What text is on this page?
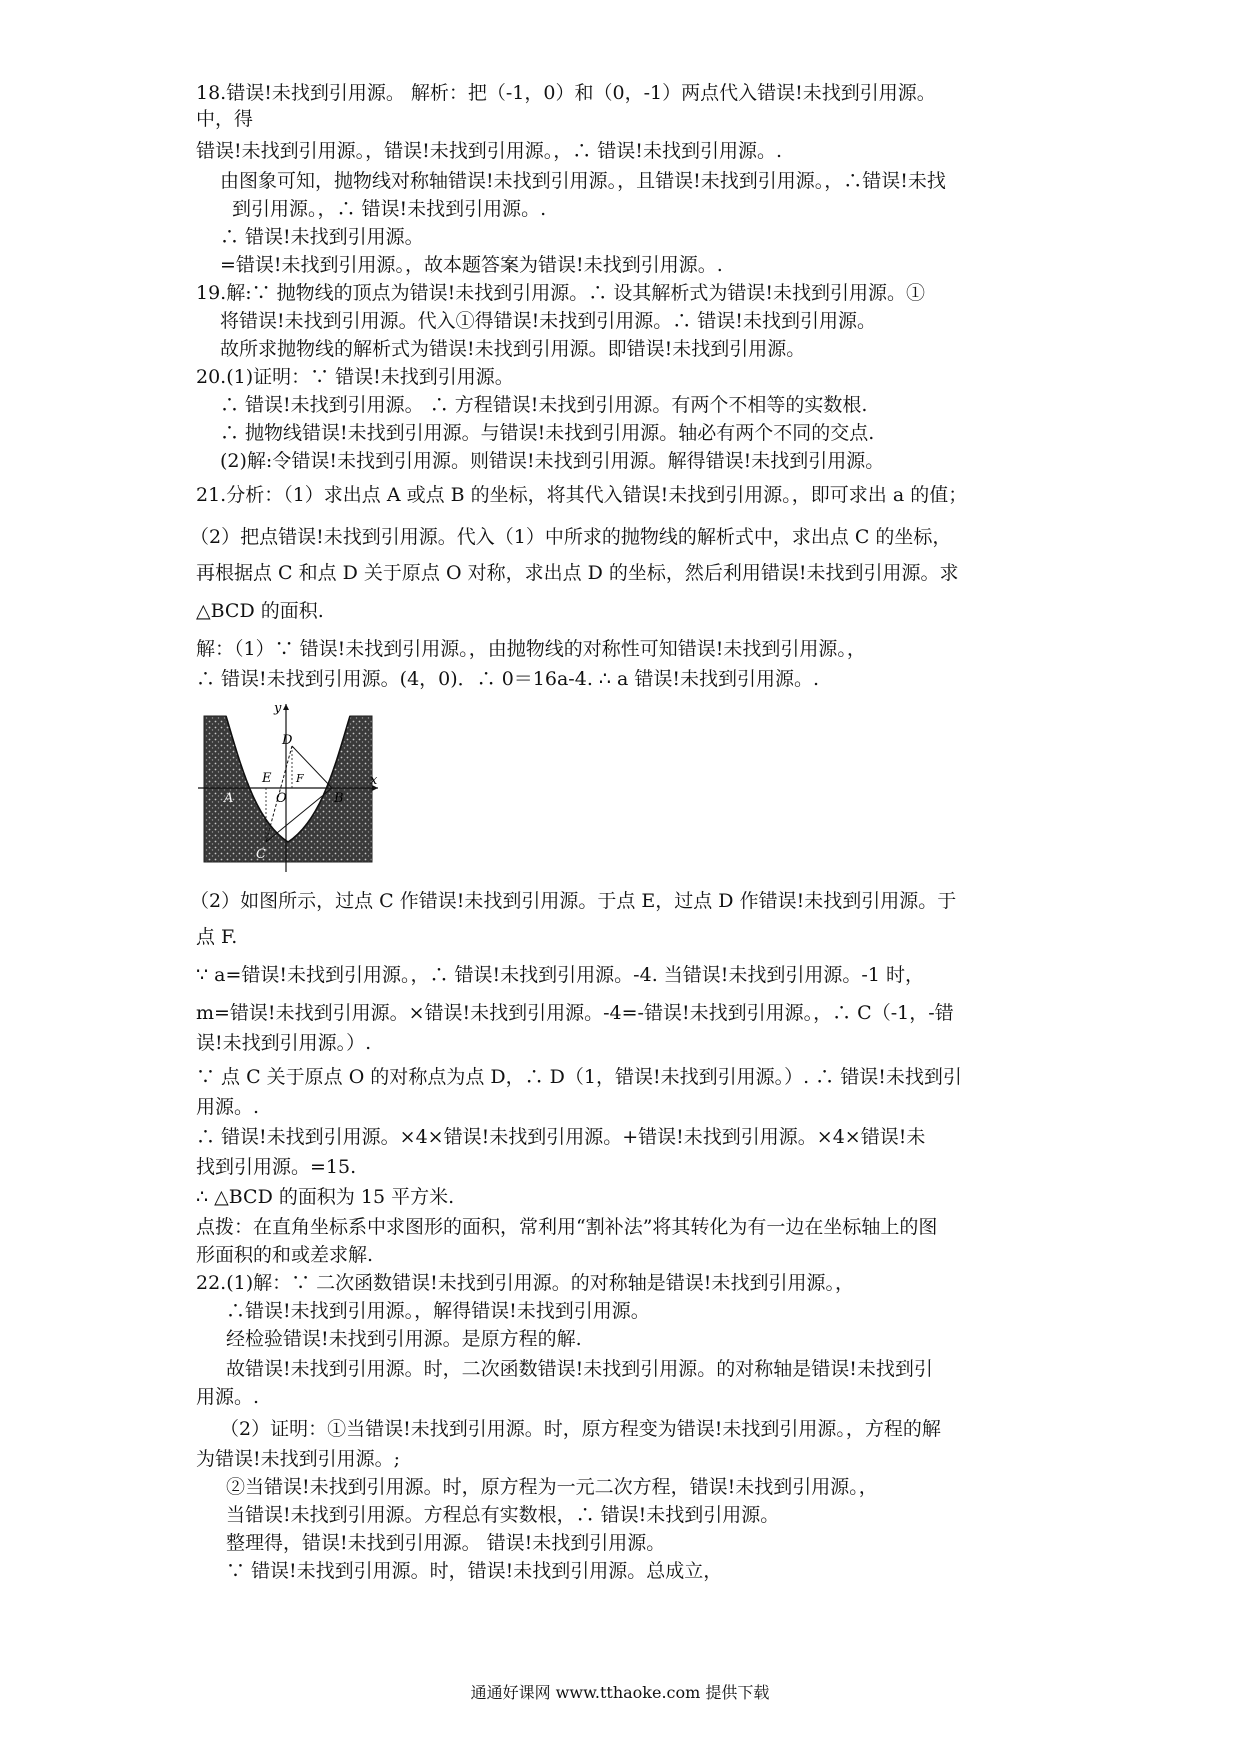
18.错误!未找到引用源。 解析：把（-1，0）和（0，-1）两点代入错误!未找到引用源。
中，得
错误!未找到引用源。，错误!未找到引用源。，∴ 错误!未找到引用源。.
由图象可知，抛物线对称轴错误!未找到引用源。，且错误!未找到引用源。，∴错误!未找
到引用源。，∴ 错误!未找到引用源。.
∴ 错误!未找到引用源。
=错误!未找到引用源。，故本题答案为错误!未找到引用源。.
19.解:∵ 抛物线的顶点为错误!未找到引用源。∴ 设其解析式为错误!未找到引用源。①
将错误!未找到引用源。代入①得错误!未找到引用源。∴ 错误!未找到引用源。
故所求抛物线的解析式为错误!未找到引用源。即错误!未找到引用源。
20.(1)证明：∵ 错误!未找到引用源。
∴ 错误!未找到引用源。 ∴ 方程错误!未找到引用源。有两个不相等的实数根.
∴ 抛物线错误!未找到引用源。与错误!未找到引用源。轴必有两个不同的交点.
(2)解:令错误!未找到引用源。则错误!未找到引用源。解得错误!未找到引用源。
21.分析：（1）求出点 A 或点 B 的坐标，将其代入错误!未找到引用源。，即可求出 a 的值；
（2）把点错误!未找到引用源。代入（1）中所求的抛物线的解析式中，求出点 C 的坐标，
再根据点 C 和点 D 关于原点 O 对称，求出点 D 的坐标，然后利用错误!未找到引用源。求
△BCD 的面积.
解：（1）∵ 错误!未找到引用源。，由抛物线的对称性可知错误!未找到引用源。，
∴ 错误!未找到引用源。(4，0)．∴ 0＝16a-4. ∴ a 错误!未找到引用源。.
y
x
D
E
O
F
A	B
C
（2）如图所示，过点 C 作错误!未找到引用源。于点 E，过点 D 作错误!未找到引用源。于
点 F.
∵ a=错误!未找到引用源。，∴ 错误!未找到引用源。-4. 当错误!未找到引用源。-1 时，
m=错误!未找到引用源。×错误!未找到引用源。-4=-错误!未找到引用源。，∴ C（-1，-错
误!未找到引用源。）.
∵ 点 C 关于原点 O 的对称点为点 D，∴ D（1，错误!未找到引用源。）. ∴ 错误!未找到引
用源。.
∴ 错误!未找到引用源。×4×错误!未找到引用源。+错误!未找到引用源。×4×错误!未
找到引用源。=15.
∴ △BCD 的面积为 15 平方米.
点拨：在直角坐标系中求图形的面积，常利用“割补法”将其转化为有一边在坐标轴上的图
形面积的和或差求解.
22.(1)解：∵ 二次函数错误!未找到引用源。的对称轴是错误!未找到引用源。，
∴错误!未找到引用源。，解得错误!未找到引用源。
经检验错误!未找到引用源。是原方程的解.
故错误!未找到引用源。时，二次函数错误!未找到引用源。的对称轴是错误!未找到引
用源。.
（2）证明：①当错误!未找到引用源。时，原方程变为错误!未找到引用源。，方程的解
为错误!未找到引用源。;
②当错误!未找到引用源。时，原方程为一元二次方程，错误!未找到引用源。，
当错误!未找到引用源。方程总有实数根，∴ 错误!未找到引用源。
整理得，错误!未找到引用源。 错误!未找到引用源。
∵ 错误!未找到引用源。时，错误!未找到引用源。总成立，
通通好课网 www.tthaoke.com 提供下载
